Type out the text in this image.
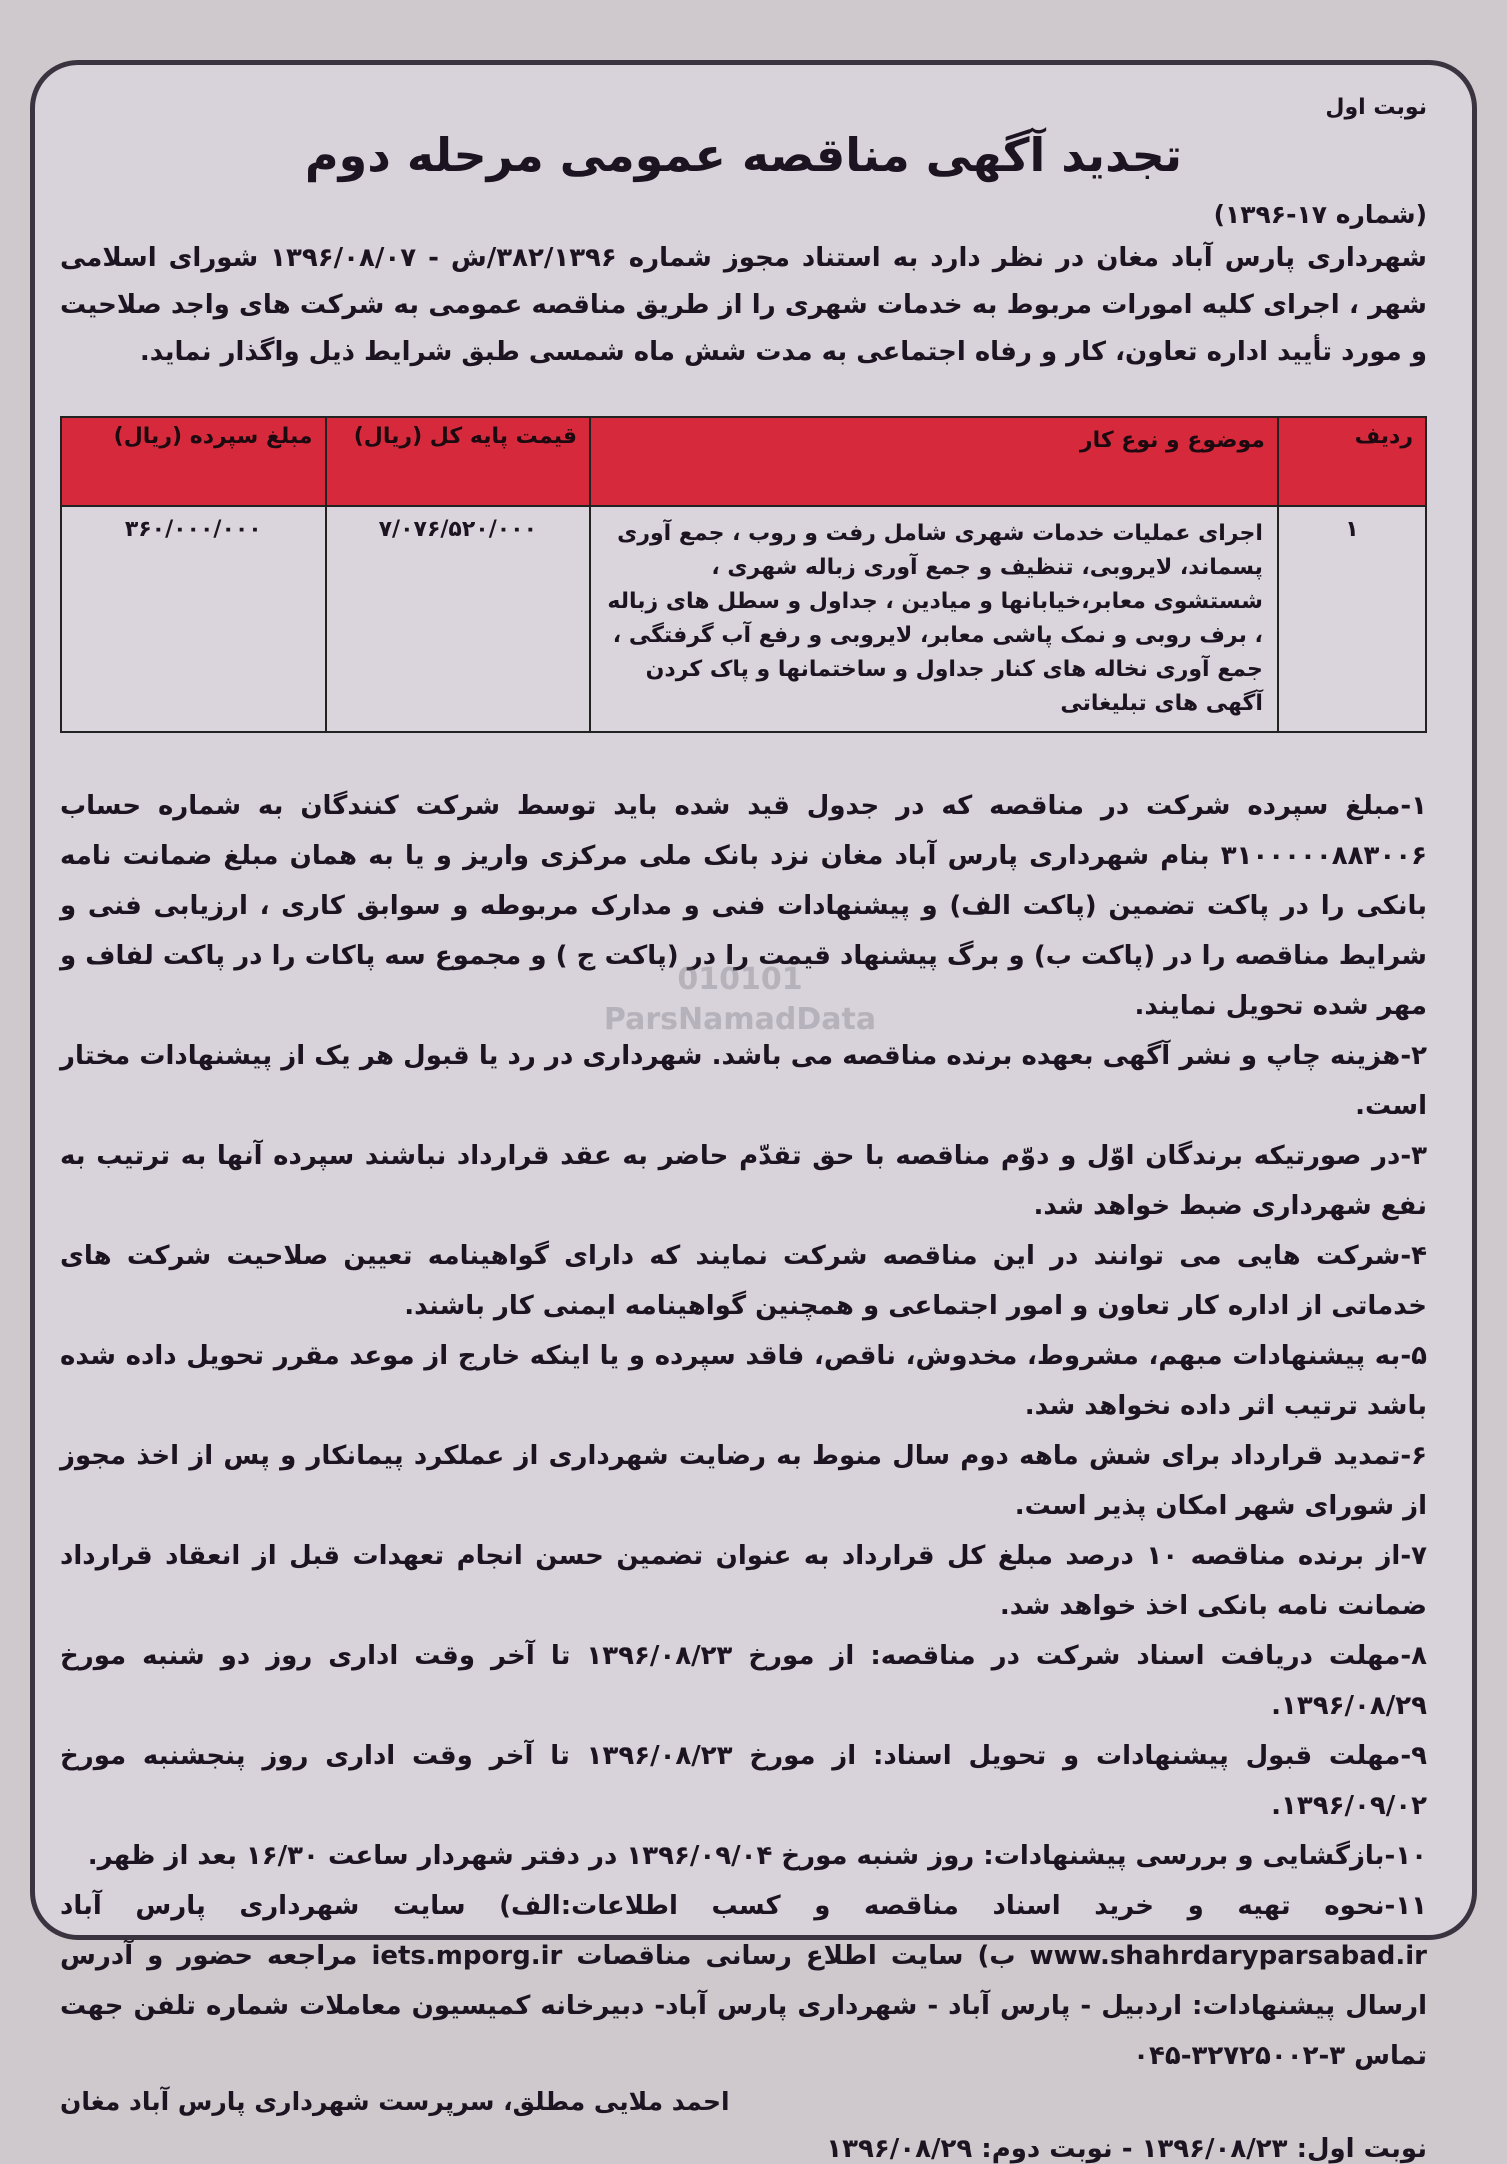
نوبت اول
تجدید آگهی مناقصه عمومی مرحله دوم
(شماره ۱۷-۱۳۹۶)
شهرداری پارس آباد مغان در نظر دارد به استناد مجوز شماره ۳۸۲/۱۳۹۶/ش - ۱۳۹۶/۰۸/۰۷ شورای اسلامی شهر ، اجرای کلیه امورات مربوط به خدمات شهری را از طریق مناقصه عمومی به شرکت های واجد صلاحیت و مورد تأیید اداره تعاون، کار و رفاه اجتماعی به مدت شش ماه شمسی طبق شرایط ذیل واگذار نماید.
ردیف	موضوع و نوع کار	قیمت پایه کل (ریال)	مبلغ سپرده (ریال)
۱	اجرای عملیات خدمات شهری شامل رفت و روب ، جمع آوری پسماند، لایروبی، تنظیف و جمع آوری زباله شهری ، شستشوی معابر،خیابانها و میادین ، جداول و سطل های زباله ، برف روبی و نمک پاشی معابر، لایروبی و رفع آب گرفتگی ، جمع آوری نخاله های کنار جداول و ساختمانها و پاک کردن آگهی های تبلیغاتی	۷/۰۷۶/۵۲۰/۰۰۰	۳۶۰/۰۰۰/۰۰۰

۱-مبلغ سپرده شرکت در مناقصه که در جدول قید شده باید توسط شرکت کنندگان به شماره حساب ۳۱۰۰۰۰۰۸۸۳۰۰۶ بنام شهرداری پارس آباد مغان نزد بانک ملی مرکزی واریز و یا به همان مبلغ ضمانت نامه بانکی را در پاکت تضمین (پاکت الف) و پیشنهادات فنی و مدارک مربوطه و سوابق کاری ، ارزیابی فنی و شرایط مناقصه را در (پاکت ب) و برگ پیشنهاد قیمت را در (پاکت ج ) و مجموع سه پاکات را در پاکت لفاف و مهر شده تحویل نمایند.

۲-هزینه چاپ و نشر آگهی بعهده برنده مناقصه می باشد. شهرداری در رد یا قبول هر یک از پیشنهادات مختار است.

۳-در صورتیکه برندگان اوّل و دوّم مناقصه با حق تقدّم حاضر به عقد قرارداد نباشند سپرده آنها به ترتیب به نفع شهرداری ضبط خواهد شد.

۴-شرکت هایی می توانند در این مناقصه شرکت نمایند که دارای گواهینامه تعیین صلاحیت شرکت های خدماتی از اداره کار تعاون و امور اجتماعی و همچنین گواهینامه ایمنی کار باشند.

۵-به پیشنهادات مبهم، مشروط، مخدوش، ناقص، فاقد سپرده و یا اینکه خارج از موعد مقرر تحویل داده شده باشد ترتیب اثر داده نخواهد شد.

۶-تمدید قرارداد برای شش ماهه دوم سال منوط به رضایت شهرداری از عملکرد پیمانکار و پس از اخذ مجوز از شورای شهر امکان پذیر است.

۷-از برنده مناقصه ۱۰ درصد مبلغ کل قرارداد به عنوان تضمین حسن انجام تعهدات قبل از انعقاد قرارداد ضمانت نامه بانکی اخذ خواهد شد.

۸-مهلت دریافت اسناد شرکت در مناقصه: از مورخ ۱۳۹۶/۰۸/۲۳ تا آخر وقت اداری روز دو شنبه مورخ ۱۳۹۶/۰۸/۲۹.

۹-مهلت قبول پیشنهادات و تحویل اسناد: از مورخ ۱۳۹۶/۰۸/۲۳ تا آخر وقت اداری روز پنجشنبه مورخ ۱۳۹۶/۰۹/۰۲.

۱۰-بازگشایی و بررسی پیشنهادات: روز شنبه مورخ ۱۳۹۶/۰۹/۰۴ در دفتر شهردار ساعت ۱۶/۳۰ بعد از ظهر.

۱۱-نحوه تهیه و خرید اسناد مناقصه و کسب اطلاعات:الف) سایت شهرداری پارس آباد www.shahrdaryparsabad.ir ب) سایت اطلاع رسانی مناقصات iets.mporg.ir مراجعه حضور و آدرس ارسال پیشنهادات: اردبیل - پارس آباد - شهرداری پارس آباد- دبیرخانه کمیسیون معاملات شماره تلفن جهت تماس ۳-۳۲۷۲۵۰۰۲-۰۴۵

احمد ملایی مطلق، سرپرست شهرداری پارس آباد مغان
نوبت اول: ۱۳۹۶/۰۸/۲۳ - نوبت دوم: ۱۳۹۶/۰۸/۲۹
010101
ParsNamadData
